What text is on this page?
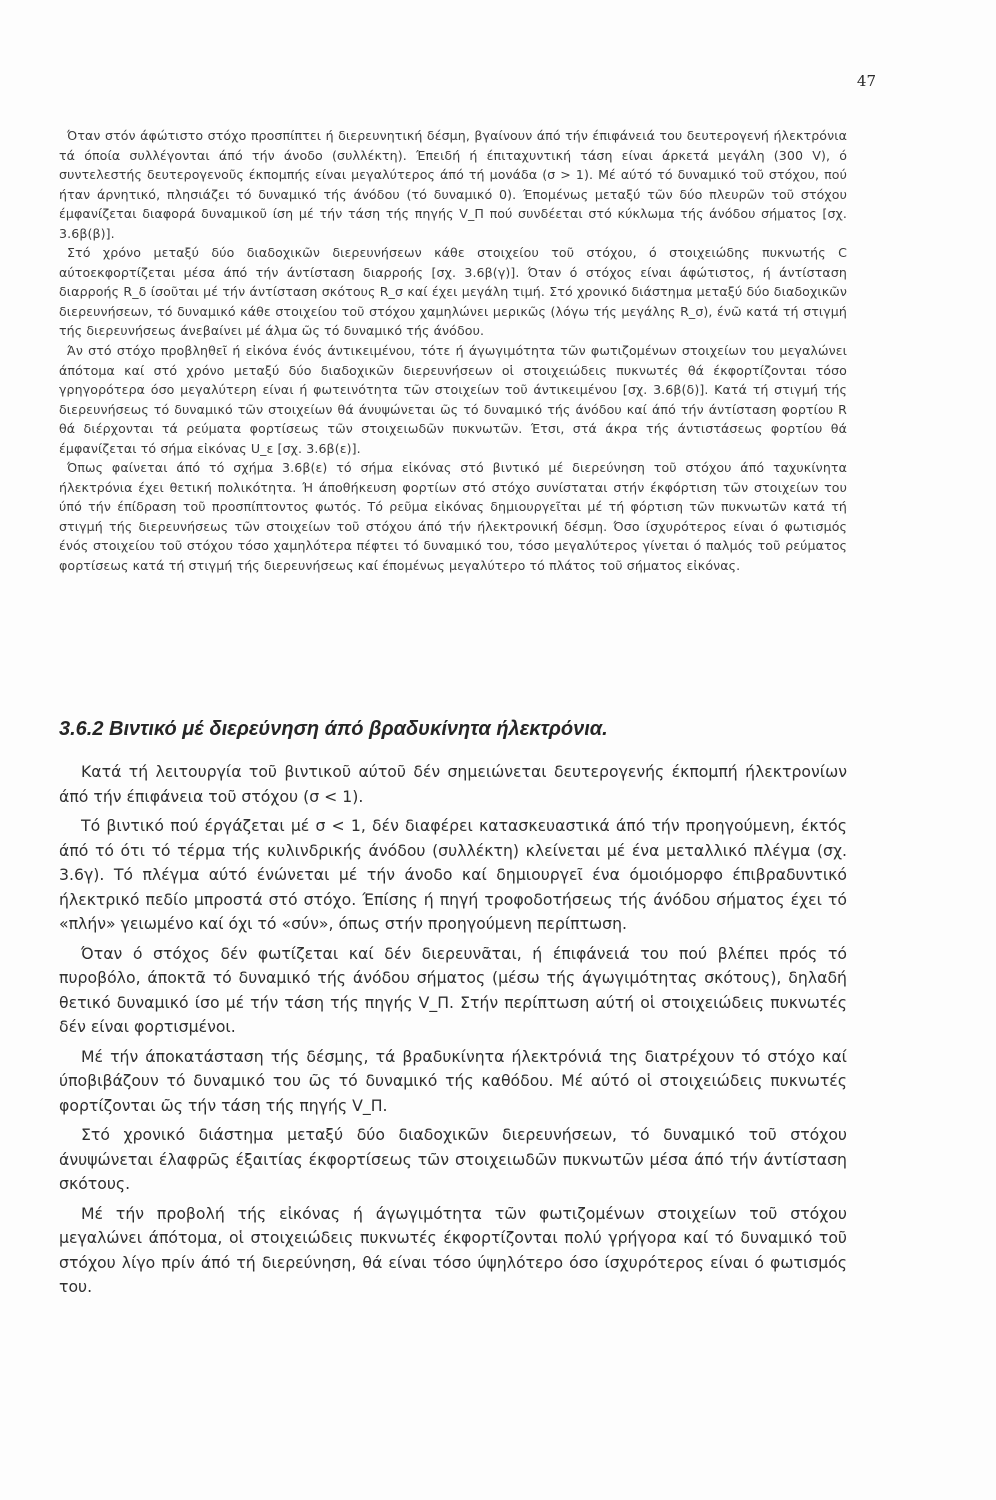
47

Όταν στόν άφώτιστο στόχο προσπίπτει ή διερευνητική δέσμη, βγαίνουν άπό τήν έπιφάνειά του δευτερογενή ήλεκτρόνια τά όποία συλλέγονται άπό τήν άνοδο (συλλέκτη). Έπειδή ή έπιταχυντική τάση είναι άρκετά μεγάλη (300 V), ό συντελεστής δευτερογενοῦς έκπομπής είναι μεγαλύτερος άπό τή μονάδα (σ > 1). Μέ αύτό τό δυναμικό τοῦ στόχου, πού ήταν άρνητικό, πλησιάζει τό δυναμικό τής άνόδου (τό δυναμικό 0). Έπομένως μεταξύ τῶν δύο πλευρῶν τοῦ στόχου έμφανίζεται διαφορά δυναμικοῦ ίση μέ τήν τάση τής πηγής V_Π πού συνδέεται στό κύκλωμα τής άνόδου σήματος [σχ. 3.6β(β)].

Στό χρόνο μεταξύ δύο διαδοχικῶν διερευνήσεων κάθε στοιχείου τοῦ στόχου, ό στοιχειώδης πυκνωτής C αύτοεκφορτίζεται μέσα άπό τήν άντίσταση διαρροής [σχ. 3.6β(γ)]. Όταν ό στόχος είναι άφώτιστος, ή άντίσταση διαρροής R_δ ίσοῦται μέ τήν άντίσταση σκότους R_σ καί έχει μεγάλη τιμή. Στό χρονικό διάστημα μεταξύ δύο διαδοχικῶν διερευνήσεων, τό δυναμικό κάθε στοιχείου τοῦ στόχου χαμηλώνει μερικῶς (λόγω τής μεγάλης R_σ), ένῶ κατά τή στιγμή τής διερευνήσεως άνεβαίνει μέ άλμα ῶς τό δυναμικό τής άνόδου.

Άν στό στόχο προβληθεῖ ή εἰκόνα ένός άντικειμένου, τότε ή άγωγιμότητα τῶν φωτιζομένων στοιχείων του μεγαλώνει άπότομα καί στό χρόνο μεταξύ δύο διαδοχικῶν διερευνήσεων οἱ στοιχειώδεις πυκνωτές θά έκφορτίζονται τόσο γρηγορότερα όσο μεγαλύτερη είναι ή φωτεινότητα τῶν στοιχείων τοῦ άντικειμένου [σχ. 3.6β(δ)]. Κατά τή στιγμή τής διερευνήσεως τό δυναμικό τῶν στοιχείων θά άνυψώνεται ῶς τό δυναμικό τής άνόδου καί άπό τήν άντίσταση φορτίου R θά διέρχονται τά ρεύματα φορτίσεως τῶν στοιχειωδῶν πυκνωτῶν. Έτσι, στά άκρα τής άντιστάσεως φορτίου θά έμφανίζεται τό σήμα εἰκόνας U_ε [σχ. 3.6β(ε)].

Όπως φαίνεται άπό τό σχήμα 3.6β(ε) τό σήμα εἰκόνας στό βιντικό μέ διερεύνηση τοῦ στόχου άπό ταχυκίνητα ήλεκτρόνια έχει θετική πολικότητα. Ή άποθήκευση φορτίων στό στόχο συνίσταται στήν έκφόρτιση τῶν στοιχείων του ύπό τήν έπίδραση τοῦ προσπίπτοντος φωτός. Τό ρεῦμα εἰκόνας δημιουργεῖται μέ τή φόρτιση τῶν πυκνωτῶν κατά τή στιγμή τής διερευνήσεως τῶν στοιχείων τοῦ στόχου άπό τήν ήλεκτρονική δέσμη. Όσο ίσχυρότερος είναι ό φωτισμός ένός στοιχείου τοῦ στόχου τόσο χαμηλότερα πέφτει τό δυναμικό του, τόσο μεγαλύτερος γίνεται ό παλμός τοῦ ρεύματος φορτίσεως κατά τή στιγμή τής διερευνήσεως καί έπομένως μεγαλύτερο τό πλάτος τοῦ σήματος εἰκόνας.

3.6.2 Βιντικό μέ διερεύνηση άπό βραδυκίνητα ήλεκτρόνια.

Κατά τή λειτουργία τοῦ βιντικοῦ αύτοῦ δέν σημειώνεται δευτερογενής έκπομπή ήλεκτρονίων άπό τήν έπιφάνεια τοῦ στόχου (σ < 1).

Τό βιντικό πού έργάζεται μέ σ < 1, δέν διαφέρει κατασκευαστικά άπό τήν προηγούμενη, έκτός άπό τό ότι τό τέρμα τής κυλινδρικής άνόδου (συλλέκτη) κλείνεται μέ ένα μεταλλικό πλέγμα (σχ. 3.6γ). Τό πλέγμα αύτό ένώνεται μέ τήν άνοδο καί δημιουργεῖ ένα όμοιόμορφο έπιβραδυντικό ήλεκτρικό πεδίο μπροστά στό στόχο. Έπίσης ή πηγή τροφοδοτήσεως τής άνόδου σήματος έχει τό «πλήν» γειωμένο καί όχι τό «σύν», όπως στήν προηγούμενη περίπτωση.

Όταν ό στόχος δέν φωτίζεται καί δέν διερευνᾶται, ή έπιφάνειά του πού βλέπει πρός τό πυροβόλο, άποκτᾶ τό δυναμικό τής άνόδου σήματος (μέσω τής άγωγιμότητας σκότους), δηλαδή θετικό δυναμικό ίσο μέ τήν τάση τής πηγής V_Π. Στήν περίπτωση αύτή οἱ στοιχειώδεις πυκνωτές δέν είναι φορτισμένοι.

Μέ τήν άποκατάσταση τής δέσμης, τά βραδυκίνητα ήλεκτρόνιά της διατρέχουν τό στόχο καί ύποβιβάζουν τό δυναμικό του ῶς τό δυναμικό τής καθόδου. Μέ αύτό οἱ στοιχειώδεις πυκνωτές φορτίζονται ῶς τήν τάση τής πηγής V_Π.

Στό χρονικό διάστημα μεταξύ δύο διαδοχικῶν διερευνήσεων, τό δυναμικό τοῦ στόχου άνυψώνεται έλαφρῶς έξαιτίας έκφορτίσεως τῶν στοιχειωδῶν πυκνωτῶν μέσα άπό τήν άντίσταση σκότους.

Μέ τήν προβολή τής εἰκόνας ή άγωγιμότητα τῶν φωτιζομένων στοιχείων τοῦ στόχου μεγαλώνει άπότομα, οἱ στοιχειώδεις πυκνωτές έκφορτίζονται πολύ γρήγορα καί τό δυναμικό τοῦ στόχου λίγο πρίν άπό τή διερεύνηση, θά είναι τόσο ύψηλότερο όσο ίσχυρότερος είναι ό φωτισμός του.
